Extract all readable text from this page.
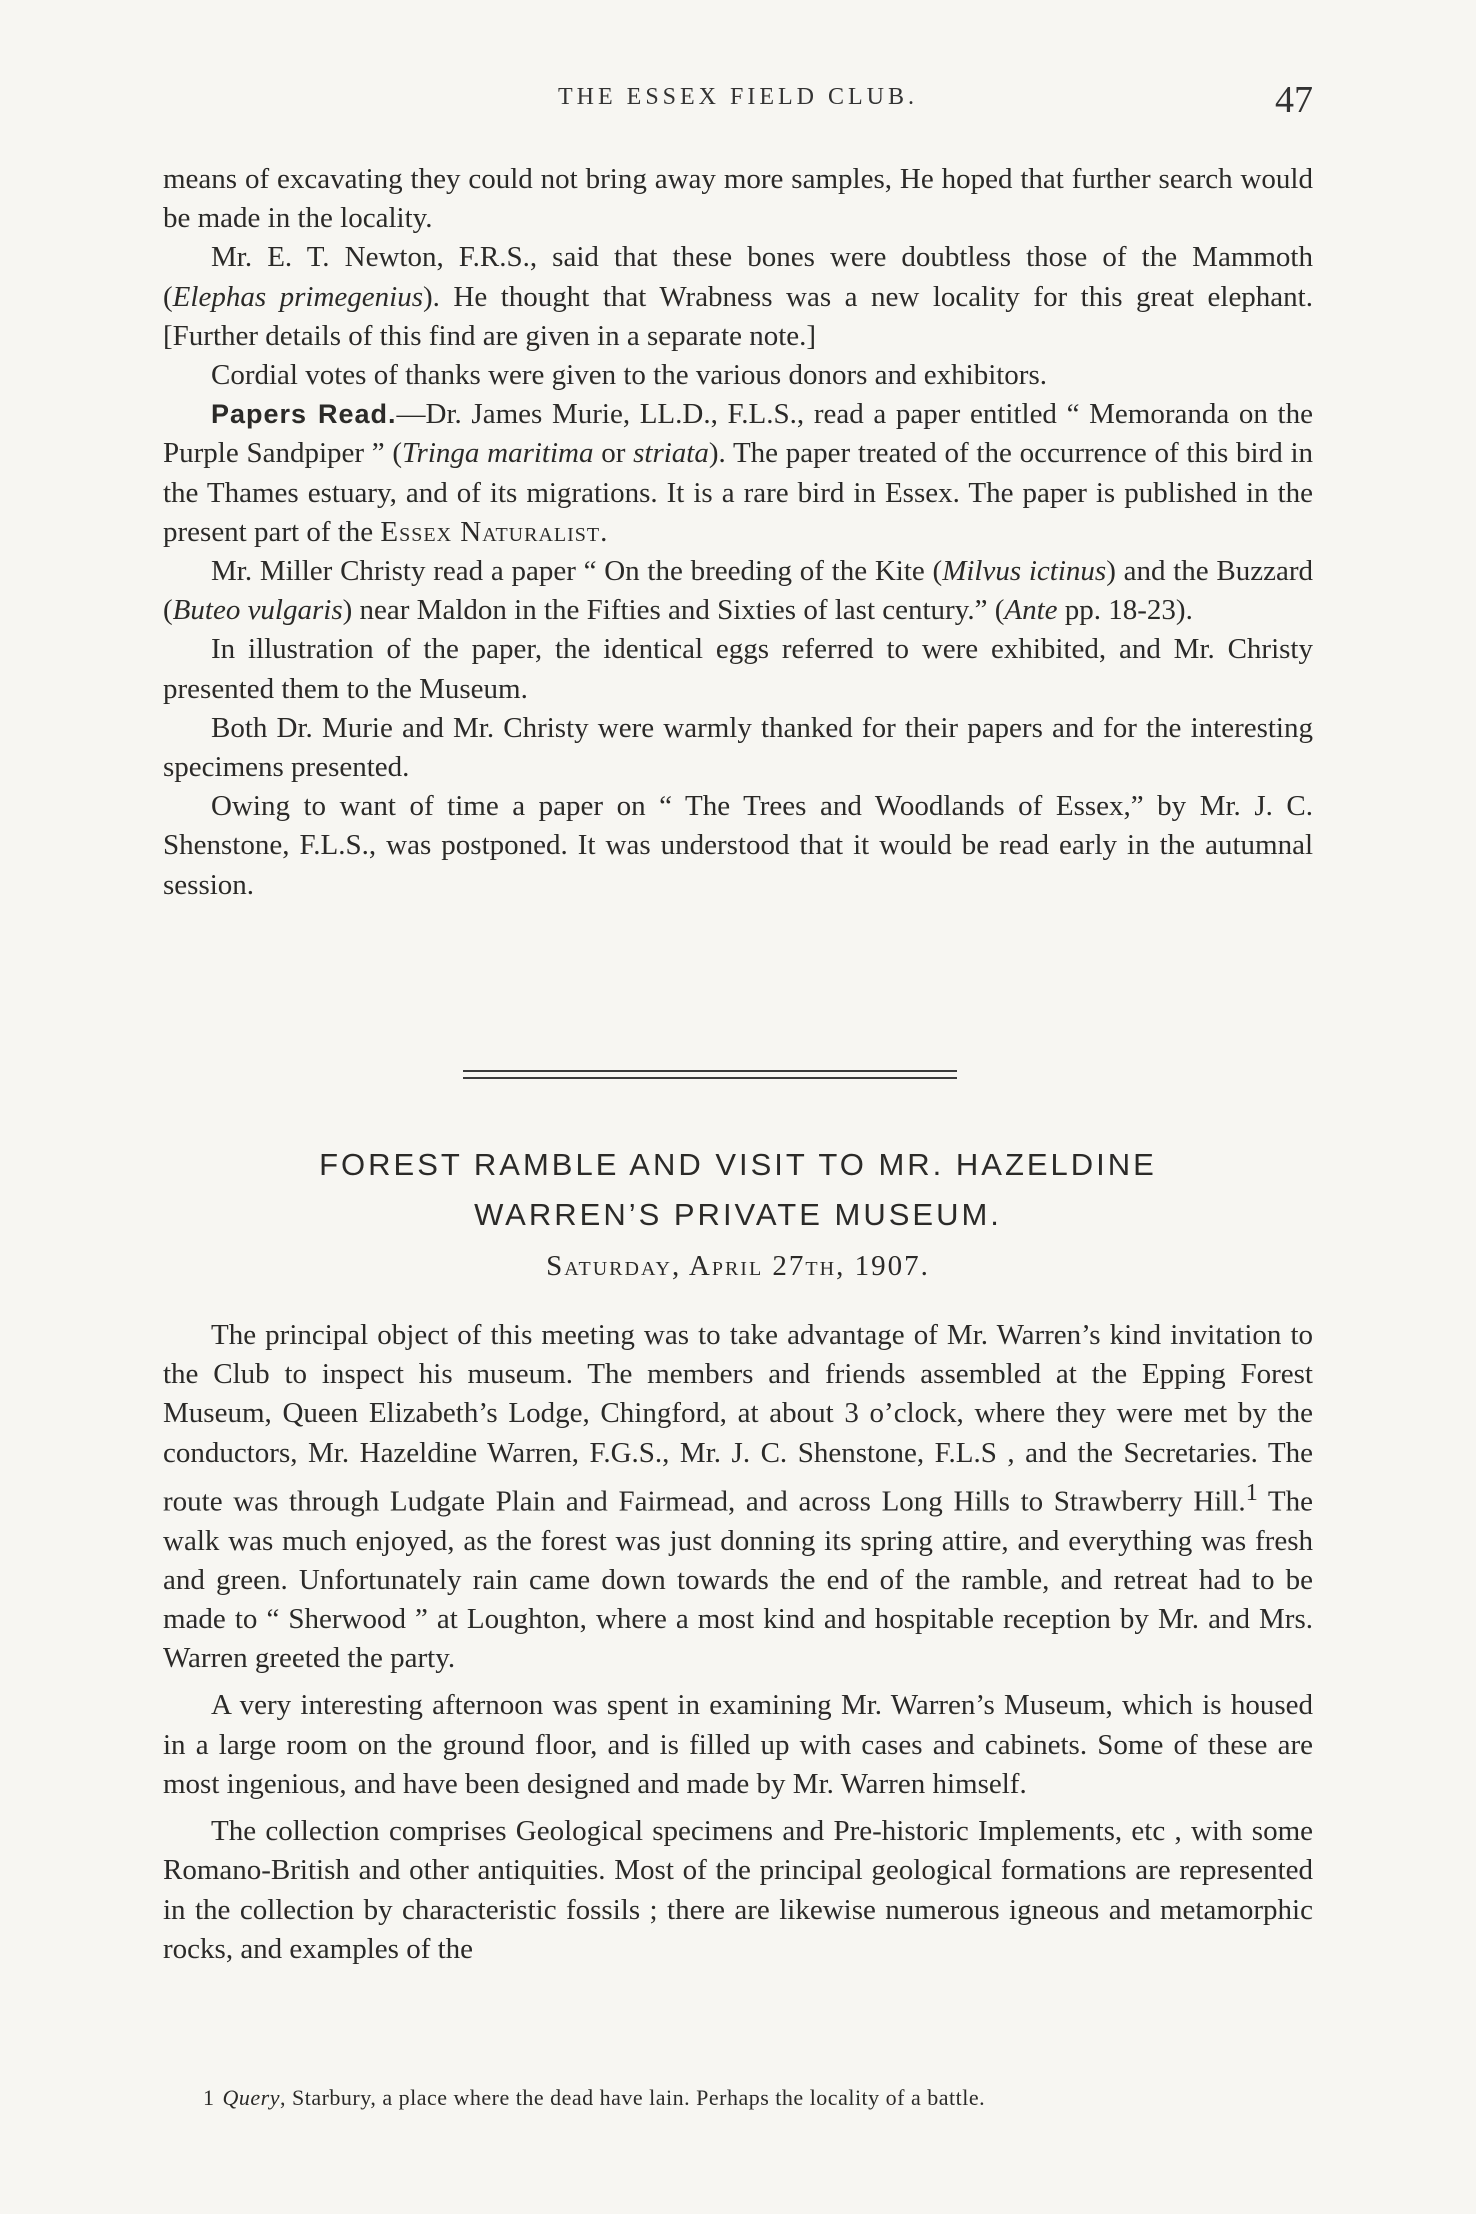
THE ESSEX FIELD CLUB.	47

means of excavating they could not bring away more samples, He hoped that further search would be made in the locality.

Mr. E. T. Newton, F.R.S., said that these bones were doubtless those of the Mammoth (Elephas primegenius). He thought that Wrabness was a new locality for this great elephant. [Further details of this find are given in a separate note.]

Cordial votes of thanks were given to the various donors and exhibitors.

Papers Read.—Dr. James Murie, LL.D., F.L.S., read a paper entitled “ Memoranda on the Purple Sandpiper ” (Tringa maritima or striata). The paper treated of the occurrence of this bird in the Thames estuary, and of its migrations. It is a rare bird in Essex. The paper is published in the present part of the Essex Naturalist.

Mr. Miller Christy read a paper “ On the breeding of the Kite (Milvus ictinus) and the Buzzard (Buteo vulgaris) near Maldon in the Fifties and Sixties of last century.” (Ante pp. 18-23).

In illustration of the paper, the identical eggs referred to were exhibited, and Mr. Christy presented them to the Museum.

Both Dr. Murie and Mr. Christy were warmly thanked for their papers and for the interesting specimens presented.

Owing to want of time a paper on “ The Trees and Woodlands of Essex,” by Mr. J. C. Shenstone, F.L.S., was postponed. It was understood that it would be read early in the autumnal session.

FOREST RAMBLE AND VISIT TO MR. HAZELDINE
WARREN’S PRIVATE MUSEUM.
Saturday, April 27th, 1907.

The principal object of this meeting was to take advantage of Mr. Warren’s kind invitation to the Club to inspect his museum. The members and friends assembled at the Epping Forest Museum, Queen Elizabeth’s Lodge, Chingford, at about 3 o’clock, where they were met by the conductors, Mr. Hazeldine Warren, F.G.S., Mr. J. C. Shenstone, F.L.S , and the Secretaries. The route was through Ludgate Plain and Fairmead, and across Long Hills to Strawberry Hill.$^1$ The walk was much enjoyed, as the forest was just donning its spring attire, and everything was fresh and green. Unfortunately rain came down towards the end of the ramble, and retreat had to be made to “ Sherwood ” at Loughton, where a most kind and hospitable reception by Mr. and Mrs. Warren greeted the party.

A very interesting afternoon was spent in examining Mr. Warren’s Museum, which is housed in a large room on the ground floor, and is filled up with cases and cabinets. Some of these are most ingenious, and have been designed and made by Mr. Warren himself.

The collection comprises Geological specimens and Pre-historic Implements, etc , with some Romano-British and other antiquities. Most of the principal geological formations are represented in the collection by characteristic fossils ; there are likewise numerous igneous and metamorphic rocks, and examples of the

1 Query, Starbury, a place where the dead have lain. Perhaps the locality of a battle.
